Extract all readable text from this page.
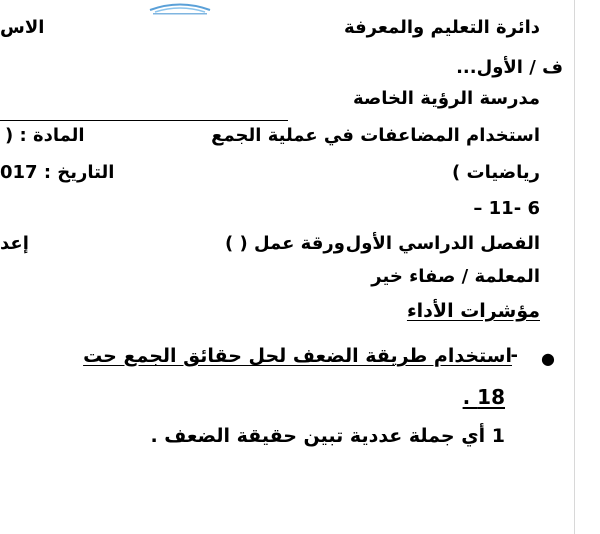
الاس	دائرة التعليم والمعرفة
ف / الأول...
مدرسة الرؤية الخاصة
استخدام المضاعفات في عملية الجمع
المادة : (
رياضيات )
التاريخ : 017
6 -11 –
الفصل الدراسي الأول
ورقة عمل ( )
إعد
المعلمة / صفاء خير
مؤشرات الأداء
●
-
استخدام طريقة الضعف لحل حقائق الجمع حت
18 .
1 أي جملة عددية تبين حقيقة الضعف .
